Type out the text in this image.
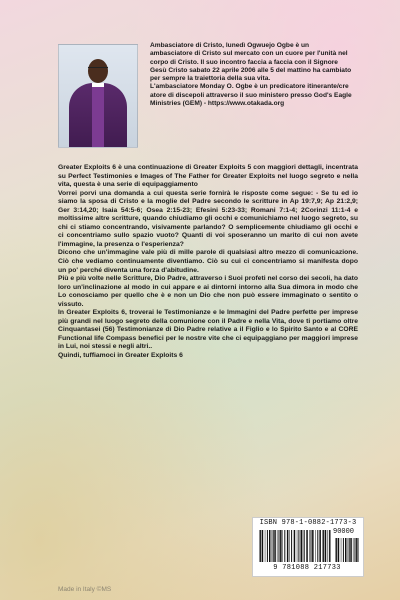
Ambasciatore di Cristo, lunedì Ogwuejo Ogbe è un ambasciatore di Cristo sul mercato con un cuore per l'unità nel corpo di Cristo. Il suo incontro faccia a faccia con il Signore Gesù Cristo sabato 22 aprile 2006 alle 5 del mattino ha cambiato per sempre la traiettoria della sua vita.

L'ambasciatore Monday O. Ogbe è un predicatore itinerante/creatore di discepoli attraverso il suo ministero presso God's Eagle Ministries (GEM) - https://www.otakada.org

Greater Exploits 6 è una continuazione di Greater Exploits 5 con maggiori dettagli, incentrata su Perfect Testimonies e Images of The Father for Greater Exploits nel luogo segreto e nella vita, questa è una serie di equipaggiamento

Vorrei porvi una domanda a cui questa serie fornirà le risposte come segue: - Se tu ed io siamo la sposa di Cristo e la moglie del Padre secondo le scritture in Ap 19:7,9; Ap 21:2,9; Ger 3:14,20; Isaia 54:5-6; Osea 2:15-23; Efesini 5:23-33; Romani 7:1-4; 2Corinzi 11:1-4 e moltissime altre scritture, quando chiudiamo gli occhi e comunichiamo nel luogo segreto, su chi ci stiamo concentrando, visivamente parlando? O semplicemente chiudiamo gli occhi e ci concentriamo sullo spazio vuoto? Quanti di voi sposeranno un marito di cui non avete l'immagine, la presenza o l'esperienza?

Dicono che un'immagine vale più di mille parole di qualsiasi altro mezzo di comunicazione. Ciò che vediamo continuamente diventiamo. Ciò su cui ci concentriamo si manifesta dopo un po' perché diventa una forza d'abitudine.

Più e più volte nelle Scritture, Dio Padre, attraverso i Suoi profeti nel corso dei secoli, ha dato loro un'inclinazione al modo in cui appare e ai dintorni intorno alla Sua dimora in modo che Lo conosciamo per quello che è e non un Dio che non può essere immaginato o sentito o vissuto.

In Greater Exploits 6, troverai le Testimonianze e le Immagini del Padre perfette per imprese più grandi nel luogo segreto della comunione con il Padre e nella Vita, dove ti portiamo oltre Cinquantasei (56) Testimonianze di Dio Padre relative a il Figlio e lo Spirito Santo e al CORE Functional life Compass benefici per le nostre vite che ci equipaggiano per maggiori imprese in Lui, noi stessi e negli altri..

Quindi, tuffiamoci in Greater Exploits 6

ISBN 978-1-0882-1773-3
90000
9 781088 217733
Made in Italy ©MS
